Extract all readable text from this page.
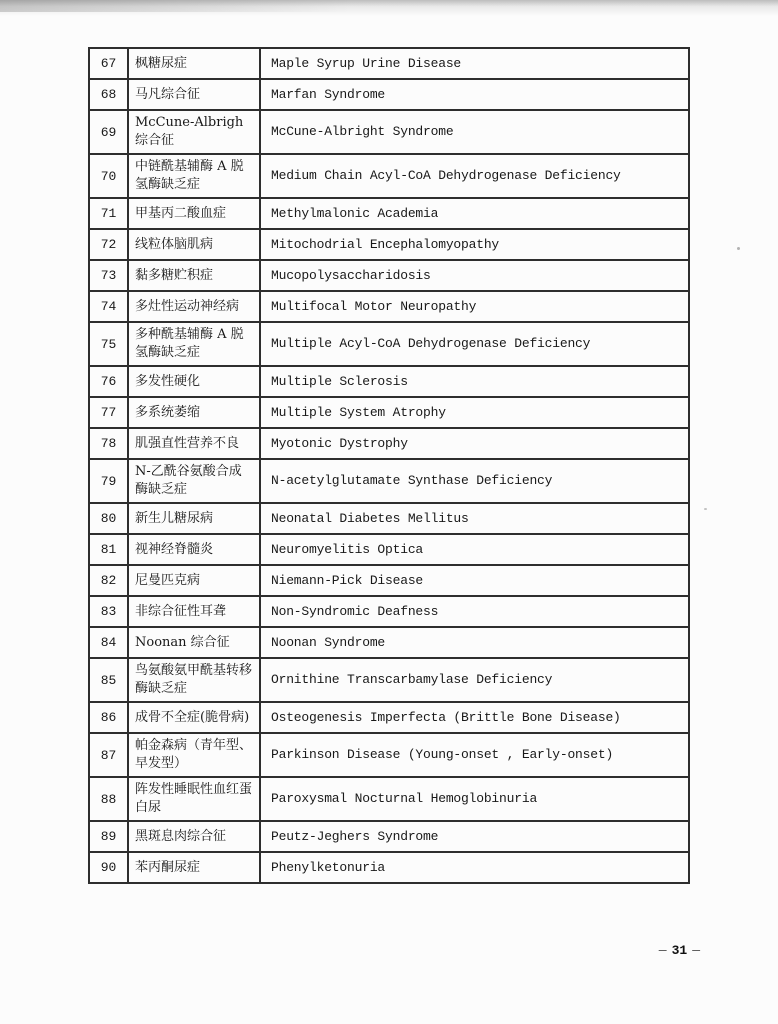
67	枫糖尿症	Maple Syrup Urine Disease
68	马凡综合征	Marfan Syndrome
69	McCune-Albrigh 综合征	McCune-Albright Syndrome
70	中链酰基辅酶 A 脱氢酶缺乏症	Medium Chain Acyl-CoA Dehydrogenase Deficiency
71	甲基丙二酸血症	Methylmalonic Academia
72	线粒体脑肌病	Mitochodrial Encephalomyopathy
73	黏多糖贮积症	Mucopolysaccharidosis
74	多灶性运动神经病	Multifocal Motor Neuropathy
75	多种酰基辅酶 A 脱氢酶缺乏症	Multiple Acyl-CoA Dehydrogenase Deficiency
76	多发性硬化	Multiple Sclerosis
77	多系统萎缩	Multiple System Atrophy
78	肌强直性营养不良	Myotonic Dystrophy
79	N-乙酰谷氨酸合成酶缺乏症	N-acetylglutamate Synthase Deficiency
80	新生儿糖尿病	Neonatal Diabetes Mellitus
81	视神经脊髓炎	Neuromyelitis Optica
82	尼曼匹克病	Niemann-Pick Disease
83	非综合征性耳聋	Non-Syndromic Deafness
84	Noonan 综合征	Noonan Syndrome
85	鸟氨酸氨甲酰基转移酶缺乏症	Ornithine Transcarbamylase Deficiency
86	成骨不全症(脆骨病)	Osteogenesis Imperfecta (Brittle Bone Disease)
87	帕金森病（青年型、早发型）	Parkinson Disease (Young-onset , Early-onset)
88	阵发性睡眠性血红蛋白尿	Paroxysmal Nocturnal Hemoglobinuria
89	黑斑息肉综合征	Peutz-Jeghers Syndrome
90	苯丙酮尿症	Phenylketonuria
— 31 —
